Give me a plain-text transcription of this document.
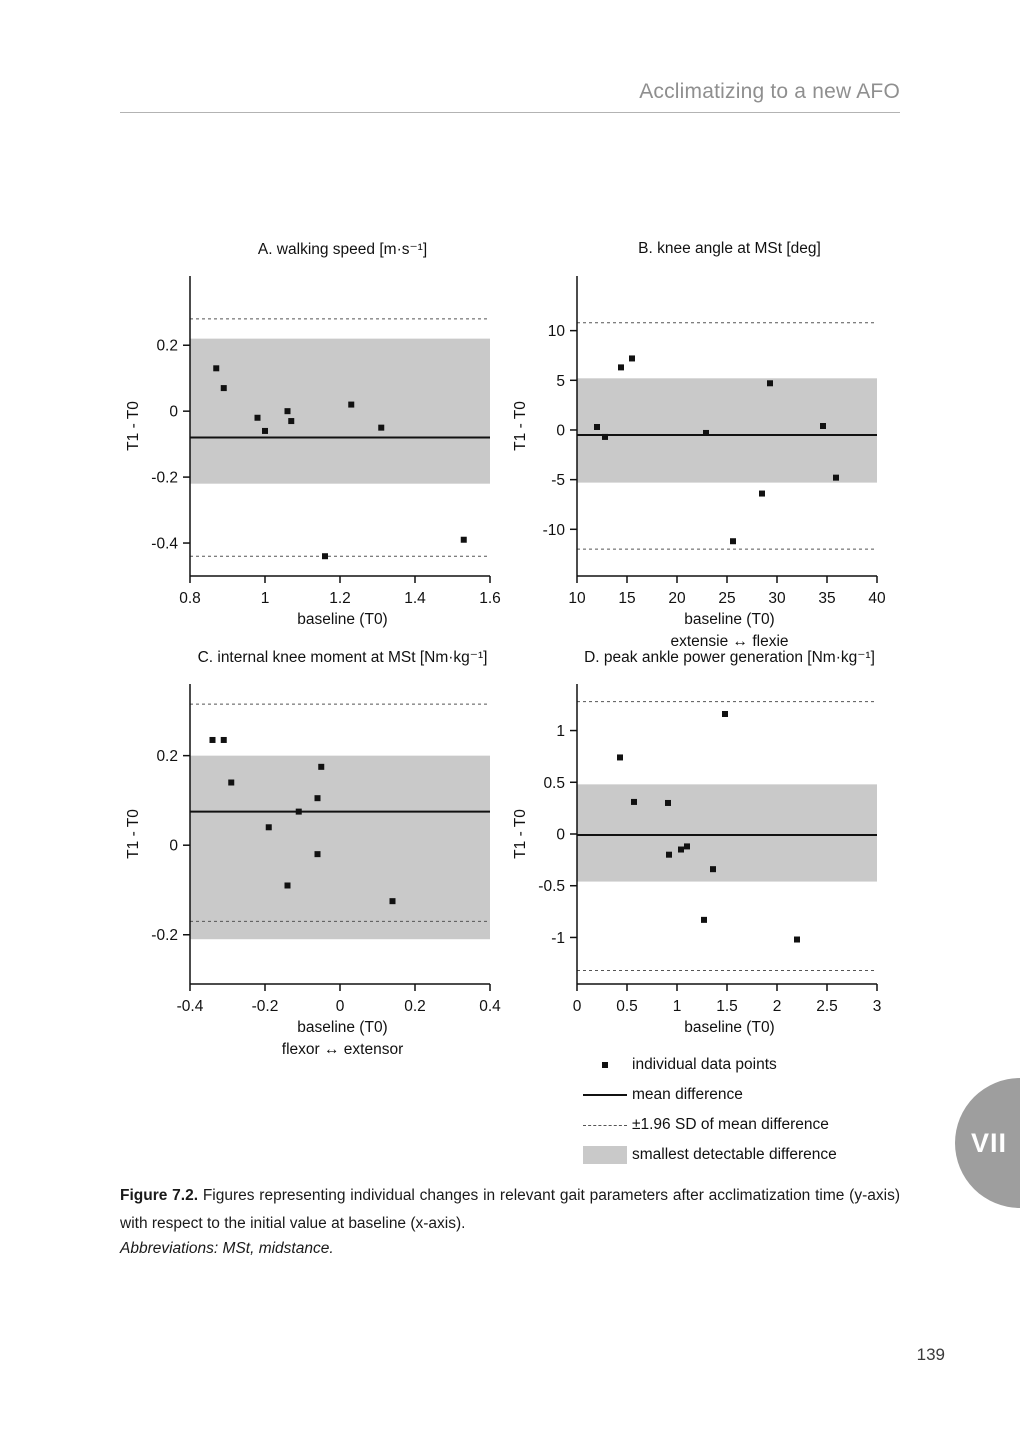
Acclimatizing to a new AFO
A. walking speed [m·s⁻¹]
0.8	1	1.2	1.4	1.6
0.2
0
-0.2
-0.4
T1 - T0
baseline (T0)
B. knee angle at MSt [deg]
10 15 20 25 30 35 40
10
5
0
-5
-10
T1 - T0
baseline (T0)
extensie ↔ flexie
C. internal knee moment at MSt [Nm·kg⁻¹]
-0.4	-0.2	0	0.2	0.4
0.2
0
-0.2
T1 - T0
baseline (T0)
flexor ↔ extensor
D. peak ankle power generation [Nm·kg⁻¹]
0 0.5 1 1.5 2 2.5 3
1
0.5
0
-0.5
-1
T1 - T0
baseline (T0)
individual data points
mean difference
±1.96 SD of mean difference
smallest detectable difference
Figure 7.2. Figures representing individual changes in relevant gait parameters after acclimatization time (y-axis) with respect to the initial value at baseline (x-axis).
Abbreviations: MSt, midstance.
VII
139
